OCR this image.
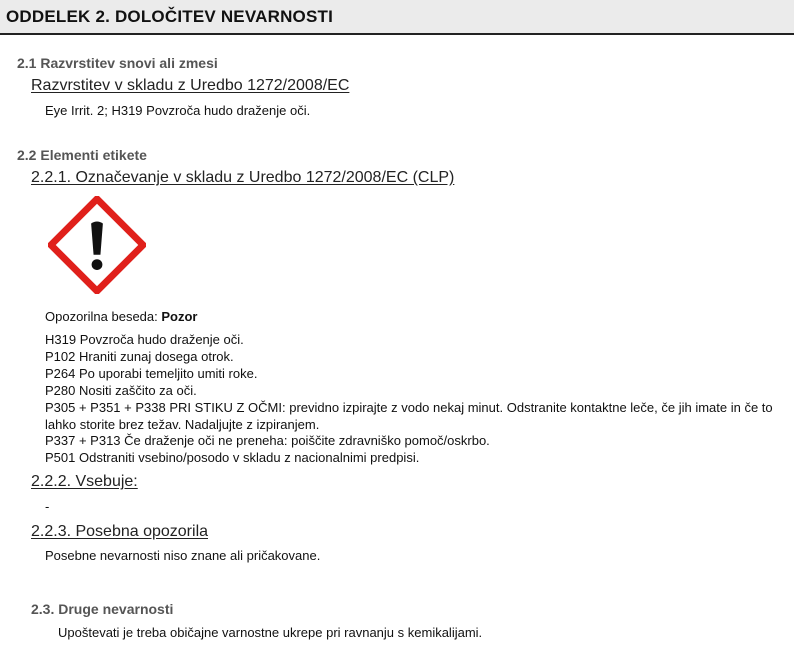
ODDELEK 2. DOLOČITEV NEVARNOSTI
2.1 Razvrstitev snovi ali zmesi
Razvrstitev v skladu z Uredbo 1272/2008/EC
Eye Irrit. 2; H319 Povzroča hudo draženje oči.
2.2 Elementi etikete
2.2.1. Označevanje v skladu z Uredbo 1272/2008/EC (CLP)
Opozorilna beseda: Pozor
H319 Povzroča hudo draženje oči.
P102 Hraniti zunaj dosega otrok.
P264 Po uporabi temeljito umiti roke.
P280 Nositi zaščito za oči.
P305 + P351 + P338 PRI STIKU Z OČMI: previdno izpirajte z vodo nekaj minut. Odstranite kontaktne leče, če jih imate in če to lahko storite brez težav. Nadaljujte z izpiranjem.
P337 + P313 Če draženje oči ne preneha: poiščite zdravniško pomoč/oskrbo.
P501 Odstraniti vsebino/posodo v skladu z nacionalnimi predpisi.
2.2.2. Vsebuje:
-
2.2.3. Posebna opozorila
Posebne nevarnosti niso znane ali pričakovane.
2.3. Druge nevarnosti
Upoštevati je treba običajne varnostne ukrepe pri ravnanju s kemikalijami.
